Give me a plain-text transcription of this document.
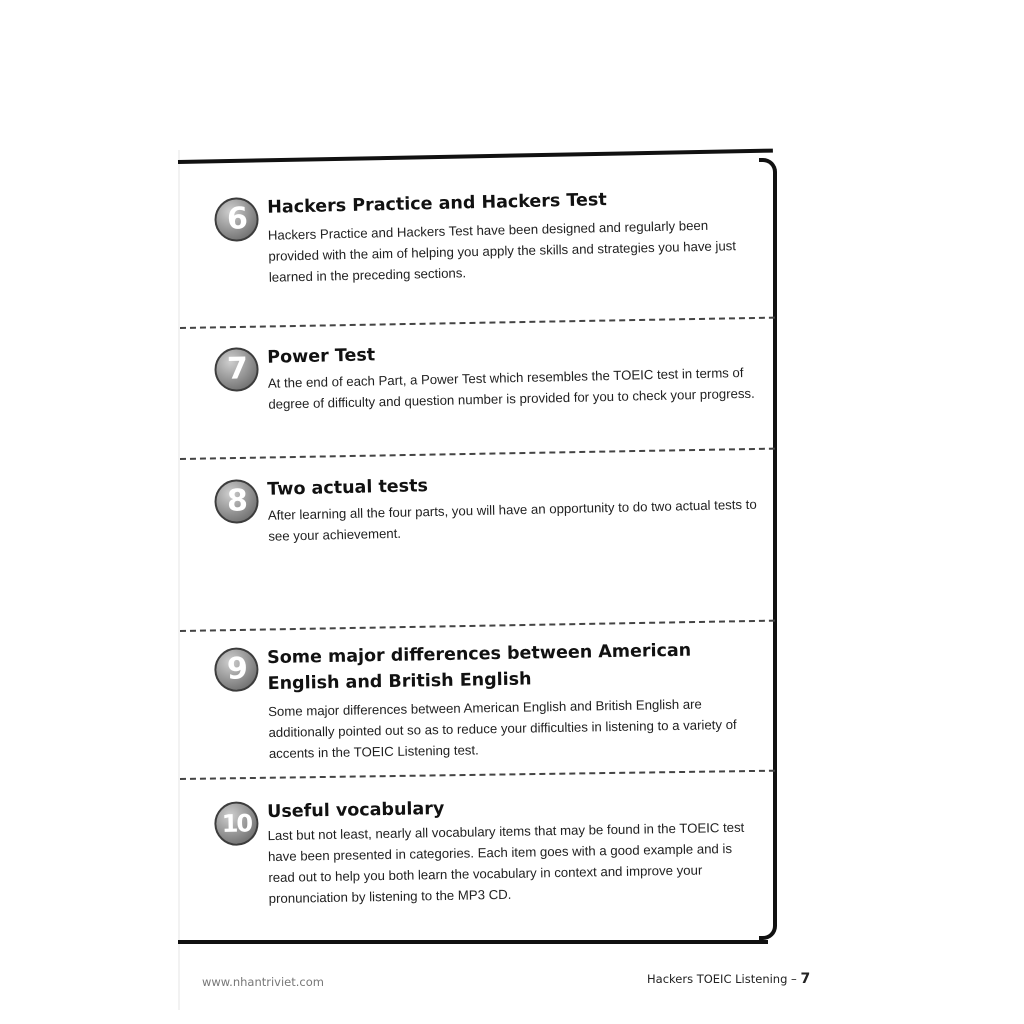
6	Hackers Practice and Hackers Test
Hackers Practice and Hackers Test have been designed and regularly been provided with the aim of helping you apply the skills and strategies you have just learned in the preceding sections.
7	Power Test
At the end of each Part, a Power Test which resembles the TOEIC test in terms of degree of difficulty and question number is provided for you to check your progress.
8	Two actual tests
After learning all the four parts, you will have an opportunity to do two actual tests to see your achievement.
9	Some major differences between American English and British English
Some major differences between American English and British English are additionally pointed out so as to reduce your difficulties in listening to a variety of accents in the TOEIC Listening test.
10 Useful vocabulary
Last but not least, nearly all vocabulary items that may be found in the TOEIC test have been presented in categories. Each item goes with a good example and is read out to help you both learn the vocabulary in context and improve your pronunciation by listening to the MP3 CD.
www.nhantriviet.com	Hackers TOEIC Listening – 7
